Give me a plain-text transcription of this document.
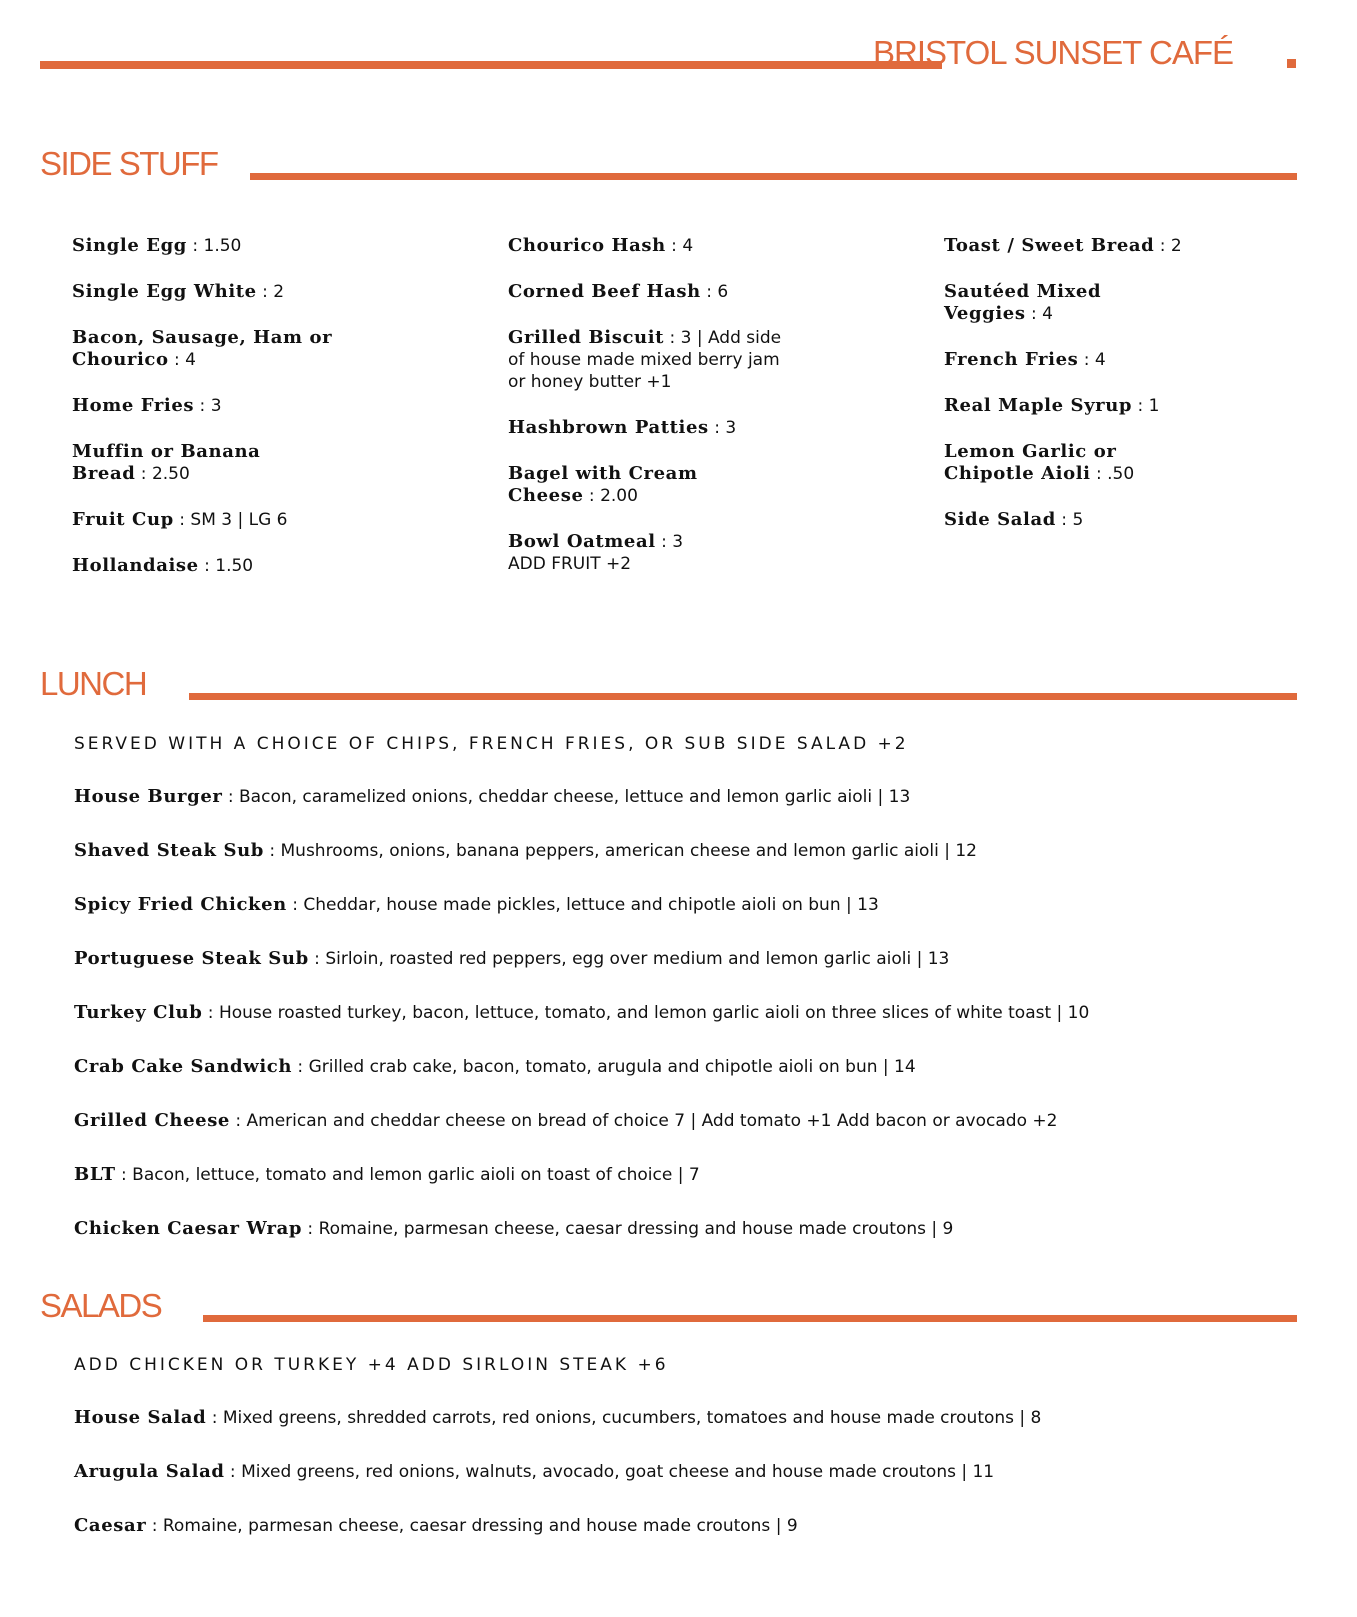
BRISTOL SUNSET CAFÉ
SIDE STUFF
Single Egg : 1.50
Single Egg White : 2
Bacon, Sausage, Ham or Chourico : 4
Home Fries : 3
Muffin or Banana Bread : 2.50
Fruit Cup : SM 3 | LG 6
Hollandaise : 1.50
Chourico Hash : 4
Corned Beef Hash : 6
Grilled Biscuit : 3 | Add side of house made mixed berry jam or honey butter +1
Hashbrown Patties : 3
Bagel with Cream Cheese : 2.00
Bowl Oatmeal : 3
ADD FRUIT +2
Toast / Sweet Bread : 2
Sautéed Mixed Veggies : 4
French Fries : 4
Real Maple Syrup : 1
Lemon Garlic or Chipotle Aioli : .50
Side Salad : 5
LUNCH
SERVED WITH A CHOICE OF CHIPS, FRENCH FRIES, OR SUB SIDE SALAD +2
House Burger : Bacon, caramelized onions, cheddar cheese, lettuce and lemon garlic aioli | 13
Shaved Steak Sub : Mushrooms, onions, banana peppers, american cheese and lemon garlic aioli | 12
Spicy Fried Chicken : Cheddar, house made pickles, lettuce and chipotle aioli on bun | 13
Portuguese Steak Sub : Sirloin, roasted red peppers, egg over medium and lemon garlic aioli | 13
Turkey Club : House roasted turkey, bacon, lettuce, tomato, and lemon garlic aioli on three slices of white toast | 10
Crab Cake Sandwich : Grilled crab cake, bacon, tomato, arugula and chipotle aioli on bun | 14
Grilled Cheese : American and cheddar cheese on bread of choice 7 | Add tomato +1 Add bacon or avocado +2
BLT : Bacon, lettuce, tomato and lemon garlic aioli on toast of choice | 7
Chicken Caesar Wrap : Romaine, parmesan cheese, caesar dressing and house made croutons | 9
SALADS
ADD CHICKEN OR TURKEY +4 ADD SIRLOIN STEAK +6
House Salad : Mixed greens, shredded carrots, red onions, cucumbers, tomatoes and house made croutons | 8
Arugula Salad : Mixed greens, red onions, walnuts, avocado, goat cheese and house made croutons | 11
Caesar : Romaine, parmesan cheese, caesar dressing and house made croutons | 9
